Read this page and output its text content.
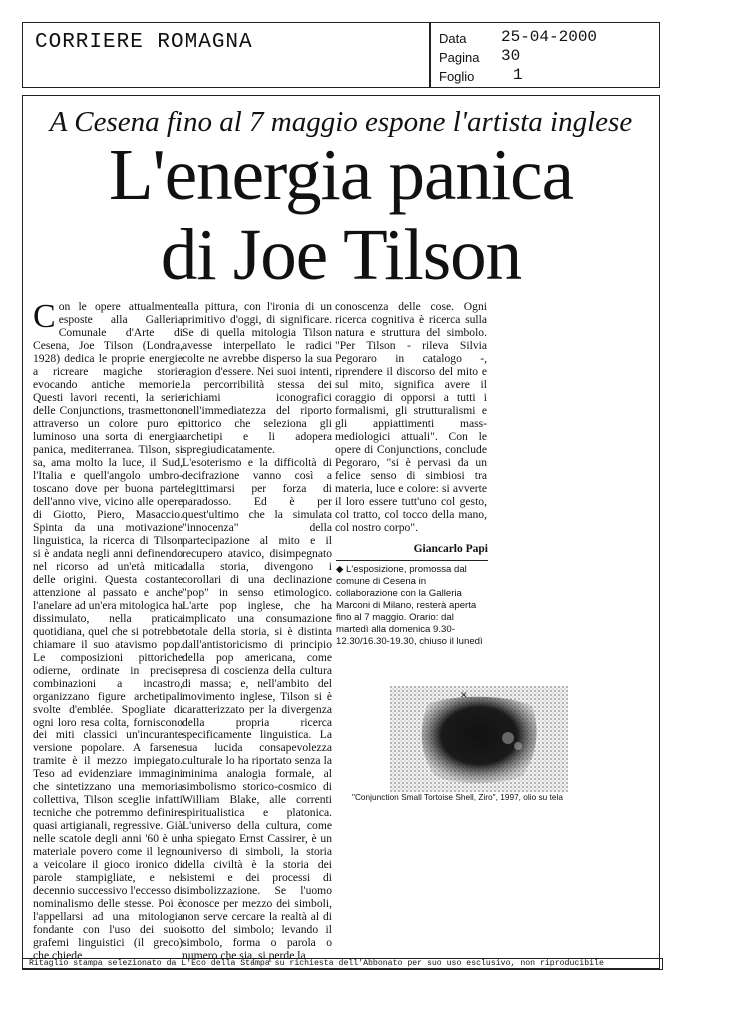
CORRIERE ROMAGNA	Data
Pagina
Foglio
25-04-2000
30
1
A Cesena fino al 7 maggio espone l'artista inglese
L'energia panica
di Joe Tilson
C on le opere attualmente esposte alla Galleria Comunale d'Arte di Cesena, Joe Tilson (Londra, 1928) dedica le proprie energie a ricreare magiche storie evocando antiche memorie. Questi lavori recenti, la serie delle Conjunctions, trasmettono attraverso un colore puro e luminoso una sorta di energia panica, mediterranea. Tilson, si sa, ama molto la luce, il Sud, l'Italia e quell'angolo umbro-toscano dove per buona parte dell'anno vive, vicino alle opere di Giotto, Piero, Masaccio. Spinta da una motivazione linguistica, la ricerca di Tilson si è andata negli anni definendo nel ricorso ad un'età mitica delle origini. Questa costante attenzione al passato e anche l'anelare ad un'era mitologica ha dissimulato, nella pratica quotidiana, quel che si potrebbe chiamare il suo atavismo pop. Le composizioni pittoriche odierne, ordinate in precise combinazioni a incastro, organizzano figure archetipali svolte d'emblée. Spogliate di ogni loro resa colta, forniscono dei miti classici un'incurante versione popolare. A farsene tramite è il mezzo impiegato. Teso ad evidenziare immagini che sintetizzano una memoria collettiva, Tilson sceglie infatti tecniche che potremmo definire quasi artigianali, regressive. Già nelle scatole degli anni '60 è un materiale povero come il legno a veicolare il gioco ironico di parole stampigliate, e nel decennio successivo l'eccesso di nominalismo delle stesse. Poi è l'appellarsi ad una mitologia fondante con l'uso dei suoi grafemi linguistici (il greco) che chiede
alla pittura, con l'ironia di un primitivo d'oggi, di significare. Se di quella mitologia Tilson avesse interpellato le radici colte ne avrebbe disperso la sua ragion d'essere. Nei suoi intenti, la percorribilità stessa dei richiami iconografici nell'immediatezza del riporto pittorico che seleziona gli archetipi e li adopera spregiudicatamente. L'esoterismo e la difficoltà di decifrazione vanno così a legittimarsi per forza di paradosso. Ed è per quest'ultimo che la simulata "innocenza" della partecipazione al mito e il recupero atavico, disimpegnato dalla storia, divengono i corollari di una declinazione "pop" in senso etimologico. L'arte pop inglese, che ha implicato una consumazione totale della storia, si è distinta dall'antistoricismo di principio della pop americana, come presa di coscienza della cultura di massa; e, nell'ambito del movimento inglese, Tilson si è caratterizzato per la divergenza della propria ricerca specificamente linguistica. La sua lucida consapevolezza culturale lo ha riportato senza la minima analogia formale, al simbolismo storico-cosmico di William Blake, alle correnti spiritualistica e platonica. L'universo della cultura, come ha spiegato Ernst Cassirer, è un universo di simboli, la storia della civiltà è la storia dei sistemi e dei processi di simbolizzazione. Se l'uomo conosce per mezzo dei simboli, non serve cercare la realtà al di sotto del simbolo; levando il simbolo, forma o parola o numero che sia, si perde la
conoscenza delle cose. Ogni ricerca cognitiva è ricerca sulla natura e struttura del simbolo. "Per Tilson - rileva Silvia Pegoraro in catalogo -, riprendere il discorso del mito e sul mito, significa avere il coraggio di opporsi a tutti i formalismi, gli strutturalismi e gli appiattimenti mass-mediologici attuali". Con le opere di Conjunctions, conclude Pegoraro, "si è pervasi da un felice senso di simbiosi tra materia, luce e colore: si avverte il loro essere tutt'uno col gesto, col tratto, col tocco della mano, col nostro corpo".
Giancarlo Papi
◆ L'esposizione, promossa dal comune di Cesena in collaborazione con la Galleria Marconi di Milano, resterà aperta fino al 7 maggio. Orario: dal martedì alla domenica 9.30-12.30/16.30-19.30, chiuso il lunedì
✕
"Conjunction Small Tortoise Shell, Ziro", 1997, olio su tela
Ritaglio stampa selezionato da L'Eco della Stampa su richiesta dell'Abbonato per suo uso esclusivo, non riproducibile
